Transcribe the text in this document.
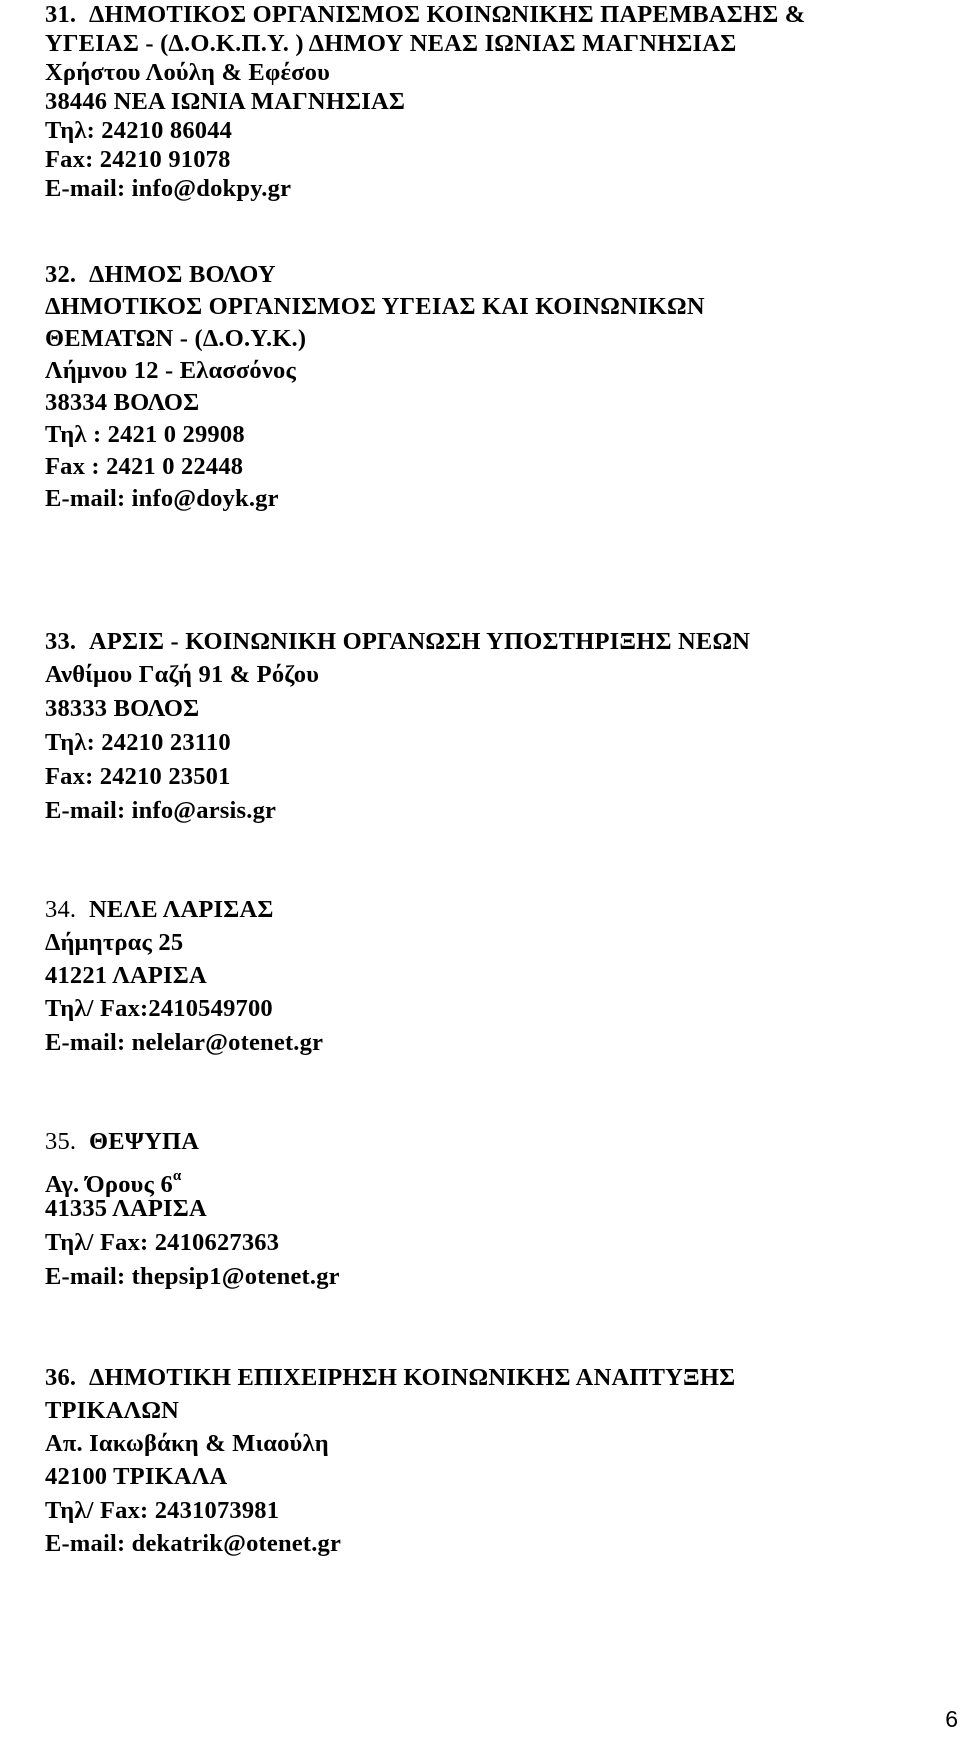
31. ΔΗΜΟΤΙΚΟΣ ΟΡΓΑΝΙΣΜΟΣ ΚΟΙΝΩΝΙΚΗΣ ΠΑΡΕΜΒΑΣΗΣ &
ΥΓΕΙΑΣ - (Δ.Ο.Κ.Π.Υ. ) ΔΗΜΟΥ ΝΕΑΣ ΙΩΝΙΑΣ ΜΑΓΝΗΣΙΑΣ
Χρήστου Λούλη & Εφέσου
38446 ΝΕΑ ΙΩΝΙΑ ΜΑΓΝΗΣΙΑΣ
Τηλ: 24210 86044
Fax: 24210 91078
E-mail: info@dokpy.gr
32. ΔΗΜΟΣ ΒΟΛΟΥ
ΔΗΜΟΤΙΚΟΣ ΟΡΓΑΝΙΣΜΟΣ ΥΓΕΙΑΣ ΚΑΙ ΚΟΙΝΩΝΙΚΩΝ
ΘΕΜΑΤΩΝ - (Δ.Ο.Υ.Κ.)
Λήμνου 12 - Ελασσόνος
38334 ΒΟΛΟΣ
Τηλ : 2421 0 29908
Fax : 2421 0 22448
E-mail: info@doyk.gr
33. ΑΡΣΙΣ - ΚΟΙΝΩΝΙΚΗ ΟΡΓΑΝΩΣΗ ΥΠΟΣΤΗΡΙΞΗΣ ΝΕΩΝ
Ανθίμου Γαζή 91 & Ρόζου
38333 ΒΟΛΟΣ
Τηλ: 24210 23110
Fax: 24210 23501
E-mail: info@arsis.gr
34. ΝΕΛΕ ΛΑΡΙΣΑΣ
Δήμητρας 25
41221 ΛΑΡΙΣΑ
Τηλ/ Fax:2410549700
E-mail: nelelar@otenet.gr
35. ΘΕΨΥΠΑ
Αγ. Όρους $6^\alpha$
41335 ΛΑΡΙΣΑ
Τηλ/ Fax: 2410627363
E-mail: thepsip1@otenet.gr
36. ΔΗΜΟΤΙΚΗ ΕΠΙΧΕΙΡΗΣΗ ΚΟΙΝΩΝΙΚΗΣ ΑΝΑΠΤΥΞΗΣ
ΤΡΙΚΑΛΩΝ
Απ. Ιακωβάκη & Μιαούλη
42100 ΤΡΙΚΑΛΑ
Τηλ/ Fax: 2431073981
E-mail: dekatrik@otenet.gr
6
